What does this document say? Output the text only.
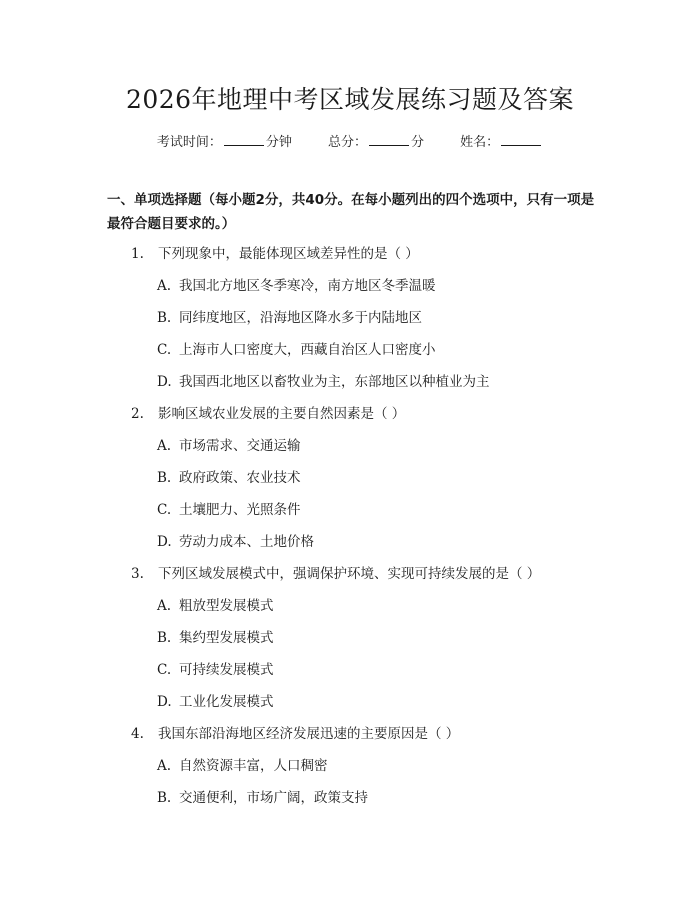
2026年地理中考区域发展练习题及答案
考试时间：	分钟	总分：	分	姓名：
一、单项选择题（每小题2分，共40分。在每小题列出的四个选项中，只有一项是最符合题目要求的。）
1. 下列现象中，最能体现区域差异性的是（ ）
A. 我国北方地区冬季寒冷，南方地区冬季温暖
B. 同纬度地区，沿海地区降水多于内陆地区
C. 上海市人口密度大，西藏自治区人口密度小
D. 我国西北地区以畜牧业为主，东部地区以种植业为主
2. 影响区域农业发展的主要自然因素是（ ）
A. 市场需求、交通运输
B. 政府政策、农业技术
C. 土壤肥力、光照条件
D. 劳动力成本、土地价格
3. 下列区域发展模式中，强调保护环境、实现可持续发展的是（ ）
A. 粗放型发展模式
B. 集约型发展模式
C. 可持续发展模式
D. 工业化发展模式
4. 我国东部沿海地区经济发展迅速的主要原因是（ ）
A. 自然资源丰富，人口稠密
B. 交通便利，市场广阔，政策支持
